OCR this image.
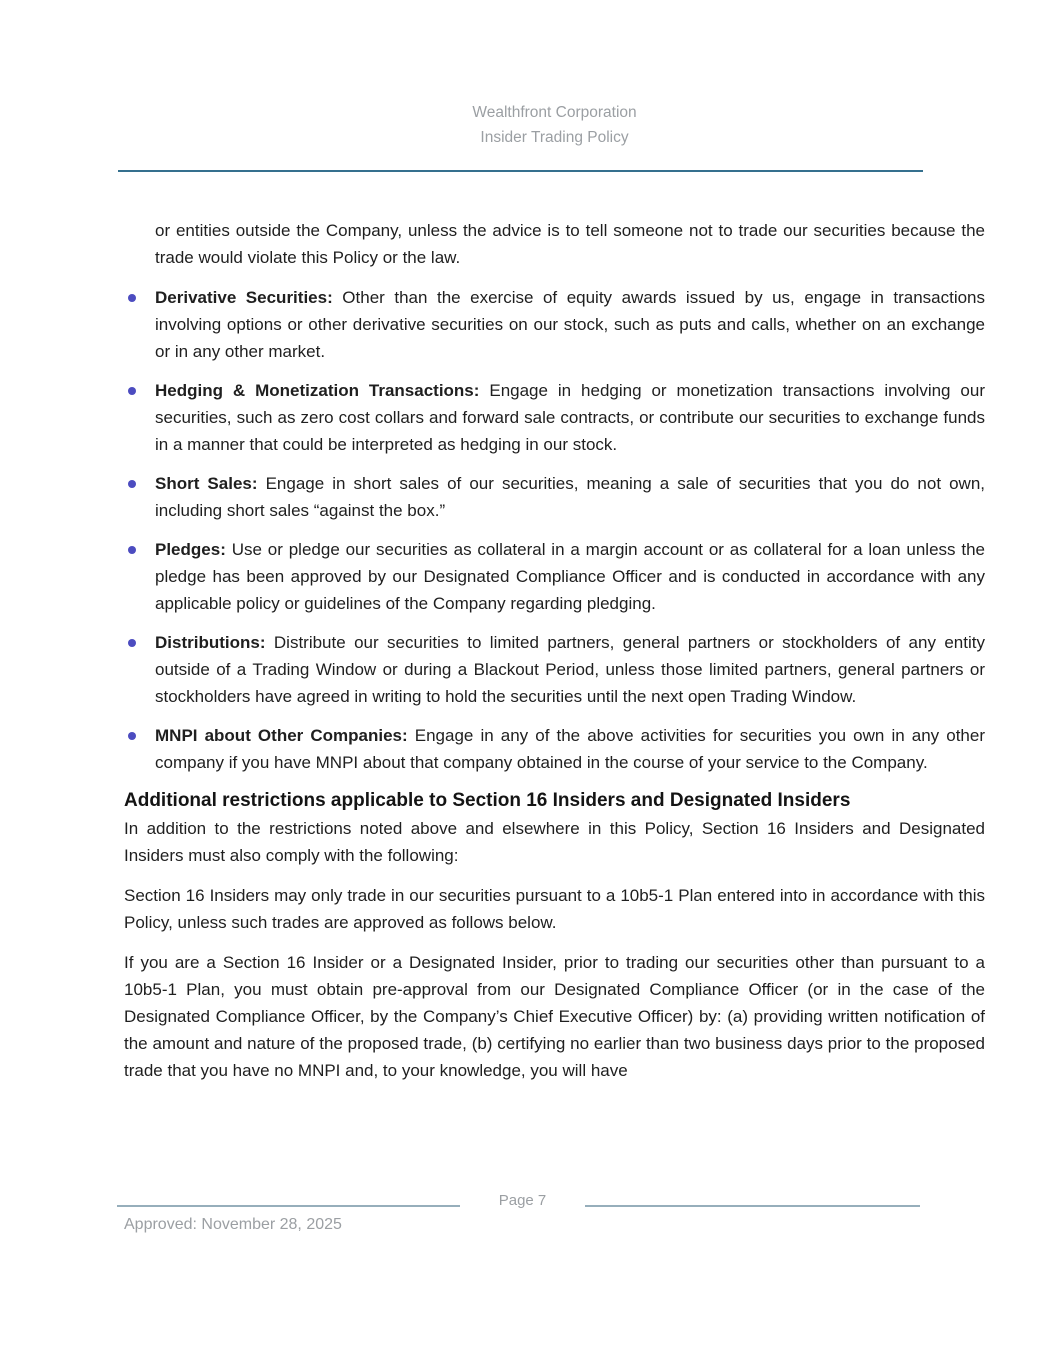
Wealthfront Corporation
Insider Trading Policy

or entities outside the Company, unless the advice is to tell someone not to trade our securities because the trade would violate this Policy or the law.

Derivative Securities: Other than the exercise of equity awards issued by us, engage in transactions involving options or other derivative securities on our stock, such as puts and calls, whether on an exchange or in any other market.
Hedging & Monetization Transactions: Engage in hedging or monetization transactions involving our securities, such as zero cost collars and forward sale contracts, or contribute our securities to exchange funds in a manner that could be interpreted as hedging in our stock.
Short Sales: Engage in short sales of our securities, meaning a sale of securities that you do not own, including short sales “against the box.”
Pledges: Use or pledge our securities as collateral in a margin account or as collateral for a loan unless the pledge has been approved by our Designated Compliance Officer and is conducted in accordance with any applicable policy or guidelines of the Company regarding pledging.
Distributions: Distribute our securities to limited partners, general partners or stockholders of any entity outside of a Trading Window or during a Blackout Period, unless those limited partners, general partners or stockholders have agreed in writing to hold the securities until the next open Trading Window.
MNPI about Other Companies: Engage in any of the above activities for securities you own in any other company if you have MNPI about that company obtained in the course of your service to the Company.
Additional restrictions applicable to Section 16 Insiders and Designated Insiders

In addition to the restrictions noted above and elsewhere in this Policy, Section 16 Insiders and Designated Insiders must also comply with the following:

Section 16 Insiders may only trade in our securities pursuant to a 10b5-1 Plan entered into in accordance with this Policy, unless such trades are approved as follows below.

If you are a Section 16 Insider or a Designated Insider, prior to trading our securities other than pursuant to a 10b5-1 Plan, you must obtain pre-approval from our Designated Compliance Officer (or in the case of the Designated Compliance Officer, by the Company’s Chief Executive Officer) by: (a) providing written notification of the amount and nature of the proposed trade, (b) certifying no earlier than two business days prior to the proposed trade that you have no MNPI and, to your knowledge, you will have

Page 7
Approved: November 28, 2025
